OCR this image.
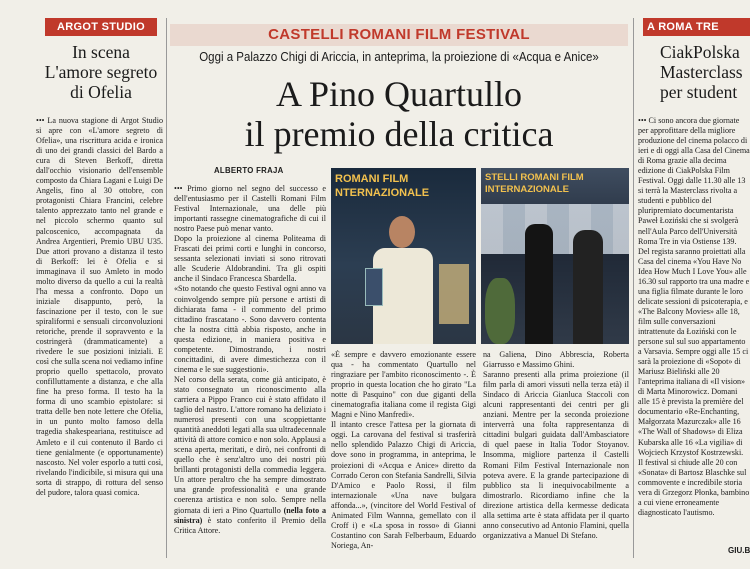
ARGOT STUDIO
In scena
L'amore segreto
di Ofelia
••• La nuova stagione di Argot Studio si apre con «L'amore segreto di Ofelia», una riscrittura acida e ironica di uno dei grandi classici del Bardo a cura di Steven Berkoff, diretta dall'occhio visionario dell'ensemble composto da Chiara Lagani e Luigi De Angelis, fino al 30 ottobre, con protagonisti Chiara Francini, celebre talento apprezzato tanto nel grande e nel piccolo schermo quanto sul palcoscenico, accompagnata da Andrea Argentieri, Premio UBU U35. Due attori provano a distanza il testo di Berkoff: lei è Ofelia e si immaginava il suo Amleto in modo molto diverso da quello a cui la realtà l'ha messa a confronto. Dopo un iniziale disappunto, però, la fascinazione per il testo, con le sue spiraliformi e sensuali circonvoluzioni retoriche, prende il sopravvento e la costringerà (drammaticamente) a rivedere le sue posizioni iniziali. E così che sulla scena noi vediamo infine proprio quello spettacolo, provato confilluttamente a distanza, e che alla fine ha preso forma. Il testo ha la forma di uno scambio epistolare: si tratta delle ben note lettere che Ofelia, in un punto molto famoso della tragedia shakespeariana, restituisce ad Amleto e il cui contenuto il Bardo ci tiene genialmente (e opportunamente) nascosto. Nel voler esporlo a tutti così, rivelando l'indicibile, si misura qui una sorta di strappo, di rottura del senso del pudore, talora quasi comica.
CASTELLI ROMANI FILM FESTIVAL
Oggi a Palazzo Chigi di Ariccia, in anteprima, la proiezione di «Acqua e Anice»
A Pino Quartullo
il premio della critica
ALBERTO FRAJA
••• Primo giorno nel segno del successo e dell'entusiasmo per il Castelli Romani Film Festival Internazionale, una delle più importanti rassegne cinematografiche di cui il nostro Paese può menar vanto.
Dopo la proiezione al cinema Politeama di Frascati dei primi corti e lunghi in concorso, sessanta selezionati inviati si sono ritrovati alle Scuderie Aldobrandini. Tra gli ospiti anche il Sindaco Francesca Sbardella.
«Sto notando che questo Festival ogni anno va coinvolgendo sempre più persone e artisti di dichiarata fama - il commento del primo cittadino frascatano -. Sono davvero contenta che la nostra città abbia risposto, anche in questa edizione, in maniera positiva e competente. Dimostrando, i nostri concittadini, di avere dimestichezza con il cinema e le sue suggestioni».
Nel corso della serata, come già anticipato, è stato consegnato un riconoscimento alla carriera a Pippo Franco cui è stato affidato il taglio del nastro. L'attore romano ha deliziato i numerosi presenti con una scoppiettante quantità aneddoti legati alla sua ultradecennale attività di attore comico e non solo. Applausi a scena aperta, meritati, e dirò, nei confronti di quello che è senz'altro uno dei nostri più brillanti protagonisti della commedia leggera. Un attore peraltro che ha sempre dimostrato una grande professionalità e una grande coerenza artistica e non solo. Sempre nella giornata di ieri a Pino Quartullo (nella foto a sinistra) è stato conferito il Premio della Critica Attore.
ROMANI FILM
NTERNAZIONALE
STELLI ROMANI FILM
INTERNAZIONALE
«È sempre e davvero emozionante essere qua - ha commentato Quartullo nel ringraziare per l'ambito riconoscimento -. È proprio in questa location che ho girato "La notte di Pasquino" con due giganti della cinematografia italiana come il regista Gigi Magni e Nino Manfredi».
Il intanto cresce l'attesa per la giornata di oggi. La carovana del festival si trasferirà nello splendido Palazzo Chigi di Ariccia, dove sono in programma, in anteprima, le proiezioni di «Acqua e Anice» diretto da Corrado Ceron con Stefania Sandrelli, Silvia D'Amico e Paolo Rossi, il film internazionale «Una nave bulgara affonda...», (vincitore del World Festival of Animated Film Wannna, gemellato con il Croff i) e «La sposa in rosso» di Gianni Costantino con Sarah Felberbaum, Eduardo Noriega, An-
na Galiena, Dino Abbrescia, Roberta Giarrusso e Massimo Ghini.
Saranno presenti alla prima proiezione (il film parla di amori vissuti nella terza età) il Sindaco di Ariccia Gianluca Staccoli con alcuni rappresentanti dei centri per gli anziani. Mentre per la seconda proiezione interverrà una folta rappresentanza di cittadini bulgari guidata dall'Ambasciatore di quel paese in Italia Todor Stoyanov. Insomma, migliore partenza il Castelli Romani Film Festival Internazionale non poteva avere. E la grande partecipazione di pubblico sta li inequivocabilmente a dimostrarlo. Ricordiamo infine che la direzione artistica della kermesse dedicata alla settima arte è stata affidata per il quarto anno consecutivo ad Antonio Flamini, quella organizzativa a Manuel Di Stefano.
A ROMA TRE
CiakPolska
Masterclass
per student
••• Ci sono ancora due giornate per approfittare della migliore produzione del cinema polacco di ieri e di oggi alla Casa del Cinema di Roma grazie alla decima edizione di CiakPolska Film Festival. Oggi dalle 11.30 alle 13 si terrà la Masterclass rivolta a studenti e pubblico del pluripremiato documentarista Paweł Łoziński che si svolgerà nell'Aula Parco dell'Università Roma Tre in via Ostiense 139. Del regista saranno proiettati alla Casa del cinema «You Have No Idea How Much I Love You» alle 16.30 sul rapporto tra una madre e una figlia filmate durante le loro delicate sessioni di psicoterapia, e «The Balcony Movies» alle 18, film sulle conversazioni intrattenute da Łoziński con le persone sul sul suo appartamento a Varsavia. Sempre oggi alle 15 ci sarà la proiezione di «Sopot» di Mariusz Bieliński alle 20 l'anteprima italiana di «Il vision» di Marta Minorowicz. Domani alle 15 è prevista la première del documentario «Re-Enchanting, Małgorzata Mazurczak» alle 16 «The Wall of Shadows» di Eliza Kubarska alle 16 «La vigilia» di Wojciech Krzystof Kostrzewski. Il festival si chiude alle 20 con «Sonata» di Bartosz Blaschke sul commovente e incredibile storia vera di Grzegorz Płonka, bambino a cui viene erroneamente diagnosticato l'autismo.
GIU.B
